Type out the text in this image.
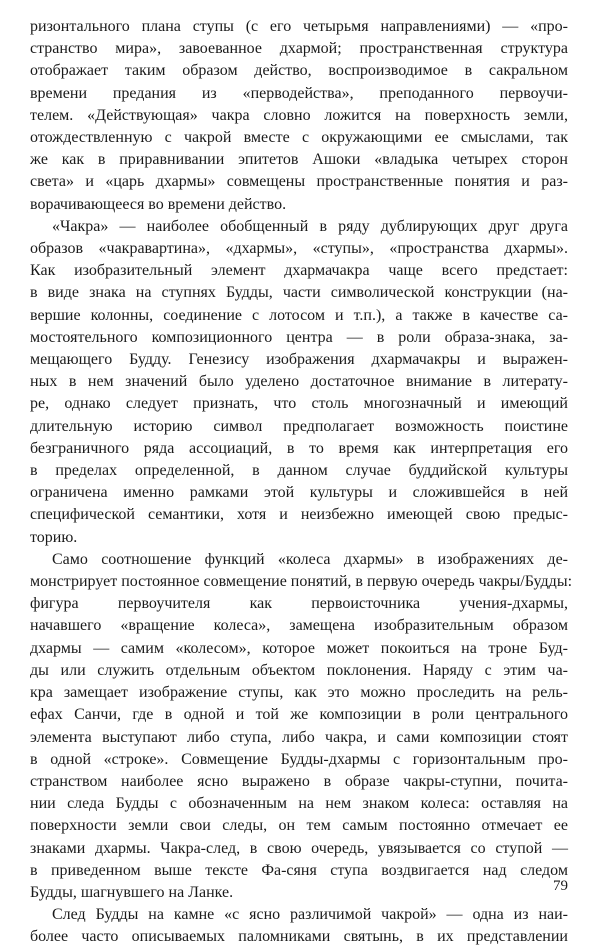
ризонтального плана ступы (с его четырьмя направлениями) — «про-
странство мира», завоеванное дхармой; пространственная структура
отображает таким образом действо, воспроизводимое в сакральном
времени предания из «перводейства», преподанного первоучи-
телем. «Действующая» чакра словно ложится на поверхность земли,
отождествленную с чакрой вместе с окружающими ее смыслами, так
же как в приравнивании эпитетов Ашоки «владыка четырех сторон
света» и «царь дхармы» совмещены пространственные понятия и раз-
ворачивающееся во времени действо.
«Чакра» — наиболее обобщенный в ряду дублирующих друг друга
образов «чакравартина», «дхармы», «ступы», «пространства дхармы».
Как изобразительный элемент дхармачакра чаще всего предстает:
в виде знака на ступнях Будды, части символической конструкции (на-
вершие колонны, соединение с лотосом и т.п.), а также в качестве са-
мостоятельного композиционного центра — в роли образа-знака, за-
мещающего Будду. Генезису изображения дхармачакры и выражен-
ных в нем значений было уделено достаточное внимание в литерату-
ре, однако следует признать, что столь многозначный и имеющий
длительную историю символ предполагает возможность поистине
безграничного ряда ассоциаций, в то время как интерпретация его
в пределах определенной, в данном случае буддийской культуры
ограничена именно рамками этой культуры и сложившейся в ней
специфической семантики, хотя и неизбежно имеющей свою предыс-
торию.
Само соотношение функций «колеса дхармы» в изображениях де-
монстрирует постоянное совмещение понятий, в первую очередь чакры/Будды:
фигура первоучителя как первоисточника учения-дхармы,
начавшего «вращение колеса», замещена изобразительным образом
дхармы — самим «колесом», которое может покоиться на троне Буд-
ды или служить отдельным объектом поклонения. Наряду с этим ча-
кра замещает изображение ступы, как это можно проследить на рель-
ефах Санчи, где в одной и той же композиции в роли центрального
элемента выступают либо ступа, либо чакра, и сами композиции стоят
в одной «строке». Совмещение Будды-дхармы с горизонтальным про-
странством наиболее ясно выражено в образе чакры-ступни, почита-
нии следа Будды с обозначенным на нем знаком колеса: оставляя на
поверхности земли свои следы, он тем самым постоянно отмечает ее
знаками дхармы. Чакра-след, в свою очередь, увязывается со ступой —
в приведенном выше тексте Фа-сяня ступа воздвигается над следом
Будды, шагнувшего на Ланке.
След Будды на камне «с ясно различимой чакрой» — одна из наи-
более часто описываемых паломниками святынь, в их представлении
79
